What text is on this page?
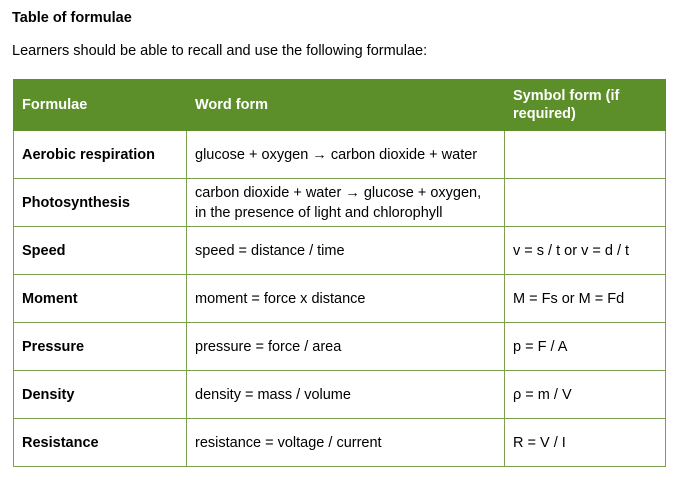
Table of formulae
Learners should be able to recall and use the following formulae:
Formulae	Word form	Symbol form (if required)
Aerobic respiration	glucose + oxygen → carbon dioxide + water	

Photosynthesis	carbon dioxide + water → glucose + oxygen,
in the presence of light and chlorophyll	

Speed	speed = distance / time	v = s / t or v = d / t
Moment	moment = force x distance	M = Fs or M = Fd
Pressure	pressure = force / area	p = F / A
Density	density = mass / volume	ρ = m / V
Resistance	resistance = voltage / current	R = V / I
